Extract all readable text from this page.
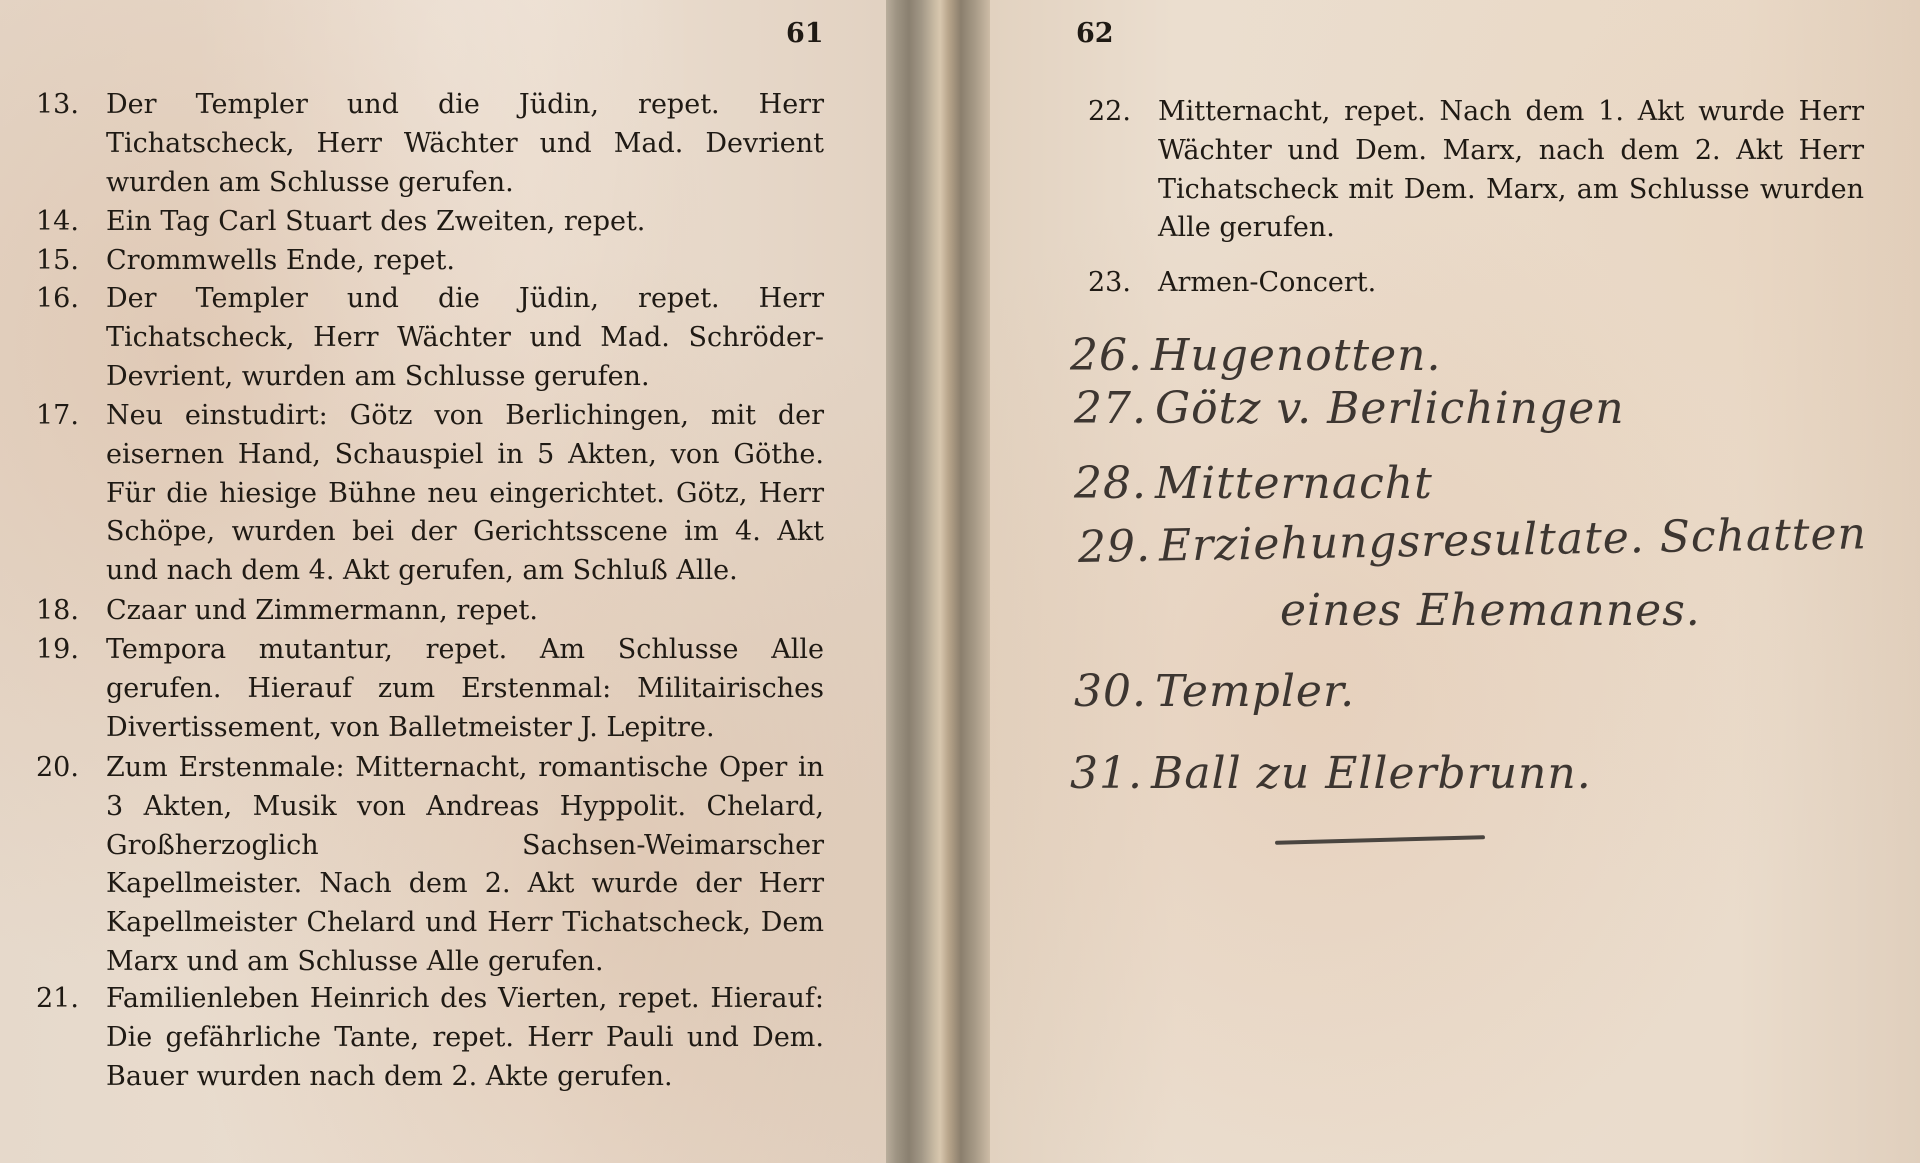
61

13.	Der Templer und die Jüdin, repet. Herr Tichatscheck, Herr Wächter und Mad. Devrient wurden am Schlusse gerufen.

14.	Ein Tag Carl Stuart des Zweiten, repet.

15.	Crommwells Ende, repet.

16.	Der Templer und die Jüdin, repet. Herr Tichatscheck, Herr Wächter und Mad. Schröder-Devrient, wurden am Schlusse gerufen.

17.	Neu einstudirt: Götz von Berlichingen, mit der eisernen Hand, Schauspiel in 5 Akten, von Göthe. Für die hiesige Bühne neu eingerichtet. Götz, Herr Schöpe, wurden bei der Gerichtsscene im 4. Akt und nach dem 4. Akt gerufen, am Schluß Alle.

18.	Czaar und Zimmermann, repet.

19.	Tempora mutantur, repet. Am Schlusse Alle gerufen. Hierauf zum Erstenmal: Militairisches Divertissement, von Balletmeister J. Lepitre.

20.	Zum Erstenmale: Mitternacht, romantische Oper in 3 Akten, Musik von Andreas Hyppolit. Chelard, Großherzoglich Sachsen-Weimarscher Kapellmeister. Nach dem 2. Akt wurde der Herr Kapellmeister Chelard und Herr Tichatscheck, Dem Marx und am Schlusse Alle gerufen.

21.	Familienleben Heinrich des Vierten, repet. Hierauf: Die gefährliche Tante, repet. Herr Pauli und Dem. Bauer wurden nach dem 2. Akte gerufen.

62

22.	Mitternacht, repet. Nach dem 1. Akt wurde Herr Wächter und Dem. Marx, nach dem 2. Akt Herr Tichatscheck mit Dem. Marx, am Schlusse wurden Alle gerufen.

23.	Armen-Concert.

26. Hugenotten.
27. Götz v. Berlichingen
28. Mitternacht
29. Erziehungsresultate. Schatten
eines Ehemannes.
30. Templer.
31. Ball zu Ellerbrunn.
